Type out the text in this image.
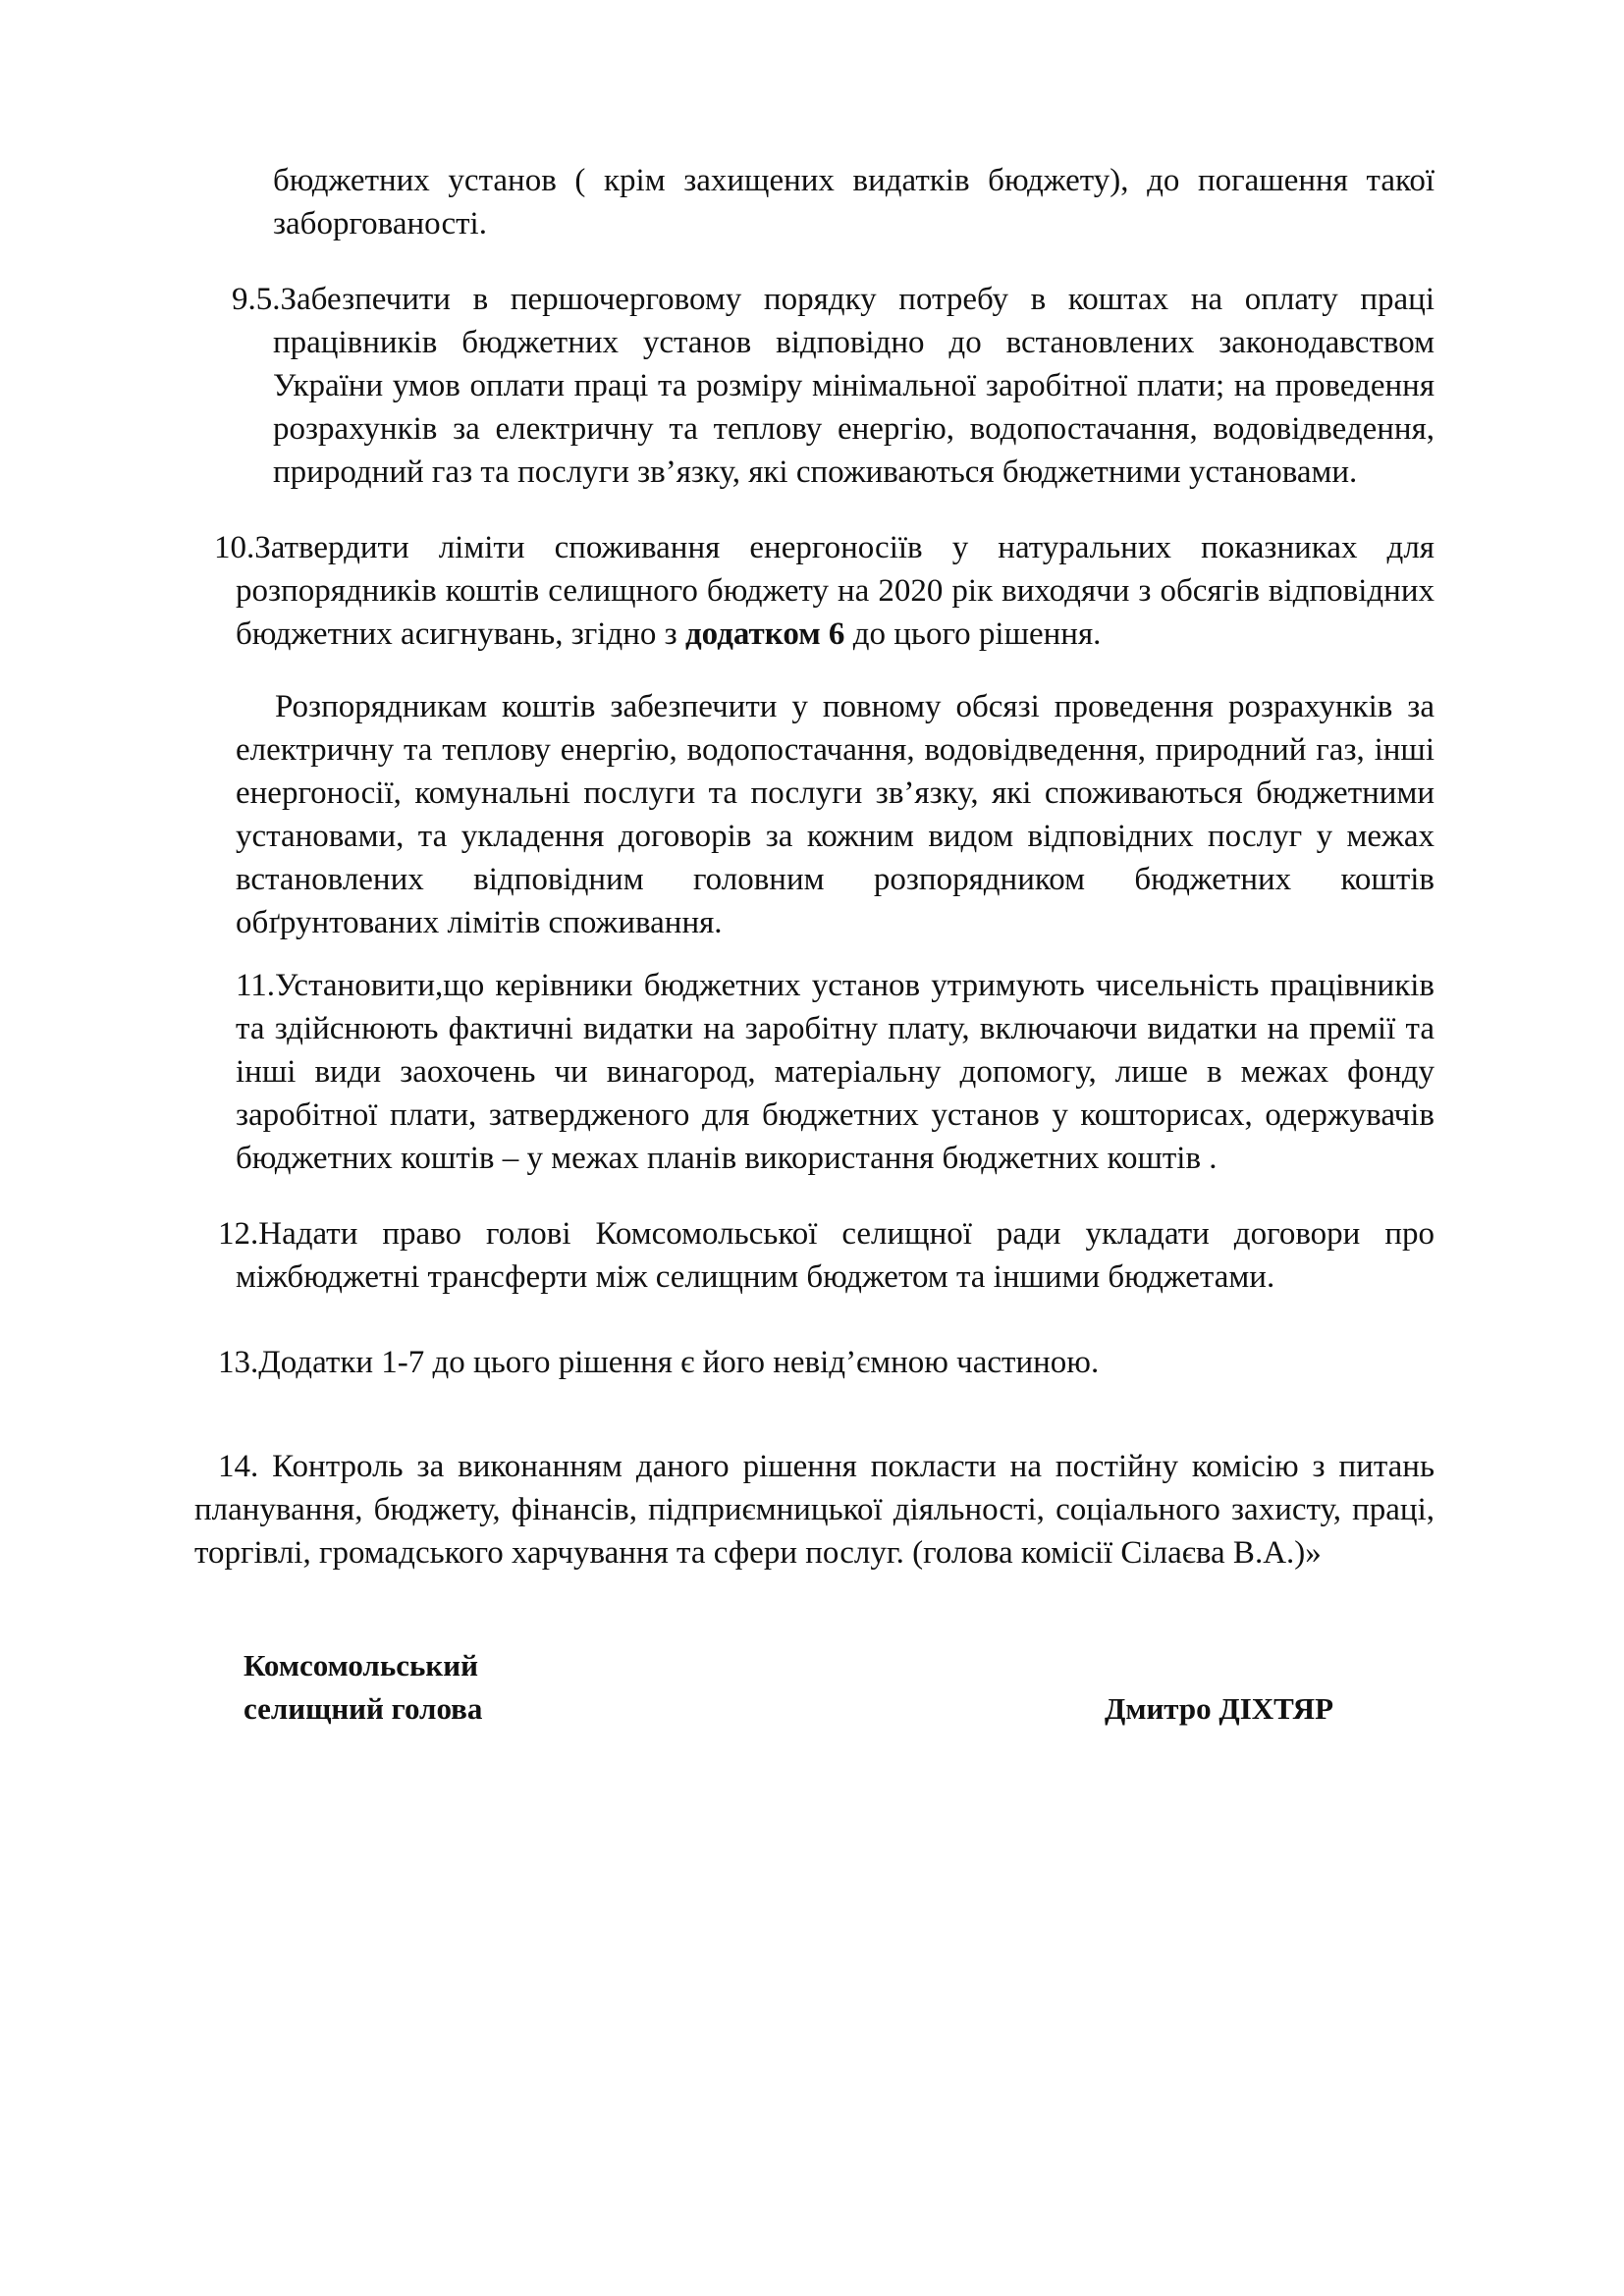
бюджетних установ ( крім захищених видатків бюджету), до погашення такої заборгованості.

9.5.Забезпечити в першочерговому порядку потребу в коштах на оплату праці працівників бюджетних установ відповідно до встановлених законодавством України умов оплати праці та розміру мінімальної заробітної плати; на проведення розрахунків за електричну та теплову енергію, водопостачання, водовідведення, природний газ та послуги зв’язку, які споживаються бюджетними установами.

10.Затвердити ліміти споживання енергоносіїв у натуральних показниках для розпорядників коштів селищного бюджету на 2020 рік виходячи з обсягів відповідних бюджетних асигнувань, згідно з додатком 6 до цього рішення.

Розпорядникам коштів забезпечити у повному обсязі проведення розрахунків за електричну та теплову енергію, водопостачання, водовідведення, природний газ, інші енергоносії, комунальні послуги та послуги зв’язку, які споживаються бюджетними установами, та укладення договорів за кожним видом відповідних послуг у межах встановлених відповідним головним розпорядником бюджетних коштів обґрунтованих лімітів споживання.

11.Установити,що керівники бюджетних установ утримують чисельність працівників та здійснюють фактичні видатки на заробітну плату, включаючи видатки на премії та інші види заохочень чи винагород, матеріальну допомогу, лише в межах фонду заробітної плати, затвердженого для бюджетних установ у кошторисах, одержувачів бюджетних коштів – у межах планів використання бюджетних коштів .

12.Надати право голові Комсомольської селищної ради укладати договори про міжбюджетні трансферти між селищним бюджетом та іншими бюджетами.

13.Додатки 1-7 до цього рішення є його невід’ємною частиною.

14. Контроль за виконанням даного рішення покласти на постійну комісію з питань планування, бюджету, фінансів, підприємницької діяльності, соціального захисту, праці, торгівлі, громадського харчування та сфери послуг. (голова комісії Сілаєва В.А.)»

Комсомольський
селищний голова	Дмитро ДІХТЯР
